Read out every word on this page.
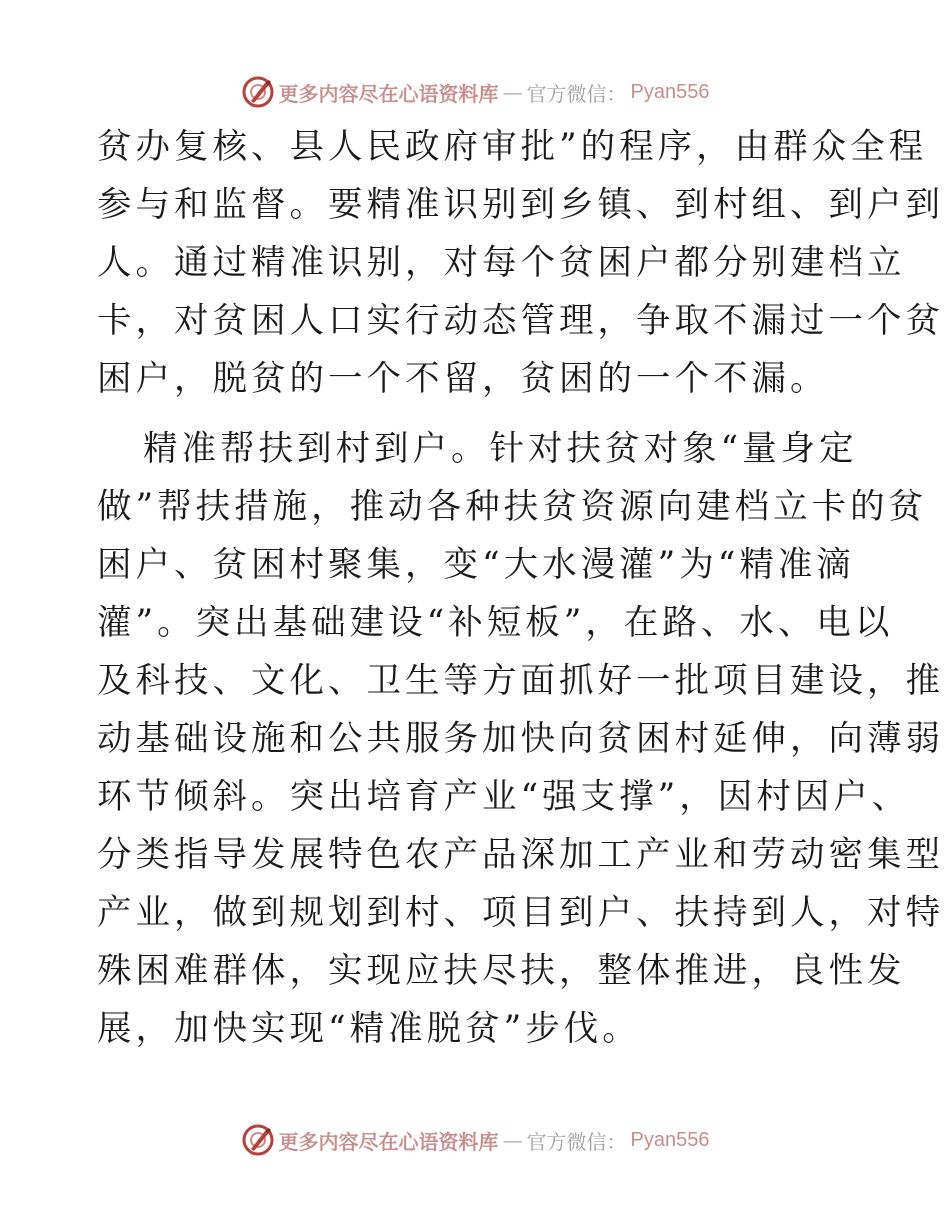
更多内容尽在心语资料库 — 官方微信： Pyan556
贫办复核、县人民政府审批”的程序，由群众全程
参与和监督。要精准识别到乡镇、到村组、到户到
人。通过精准识别，对每个贫困户都分别建档立
卡，对贫困人口实行动态管理，争取不漏过一个贫
困户，脱贫的一个不留，贫困的一个不漏。
精准帮扶到村到户。针对扶贫对象“量身定
做”帮扶措施，推动各种扶贫资源向建档立卡的贫
困户、贫困村聚集，变“大水漫灌”为“精准滴
灌”。突出基础建设“补短板”，在路、水、电以
及科技、文化、卫生等方面抓好一批项目建设，推
动基础设施和公共服务加快向贫困村延伸，向薄弱
环节倾斜。突出培育产业“强支撑”，因村因户、
分类指导发展特色农产品深加工产业和劳动密集型
产业，做到规划到村、项目到户、扶持到人，对特
殊困难群体，实现应扶尽扶，整体推进，良性发
展，加快实现“精准脱贫”步伐。
更多内容尽在心语资料库 — 官方微信： Pyan556
